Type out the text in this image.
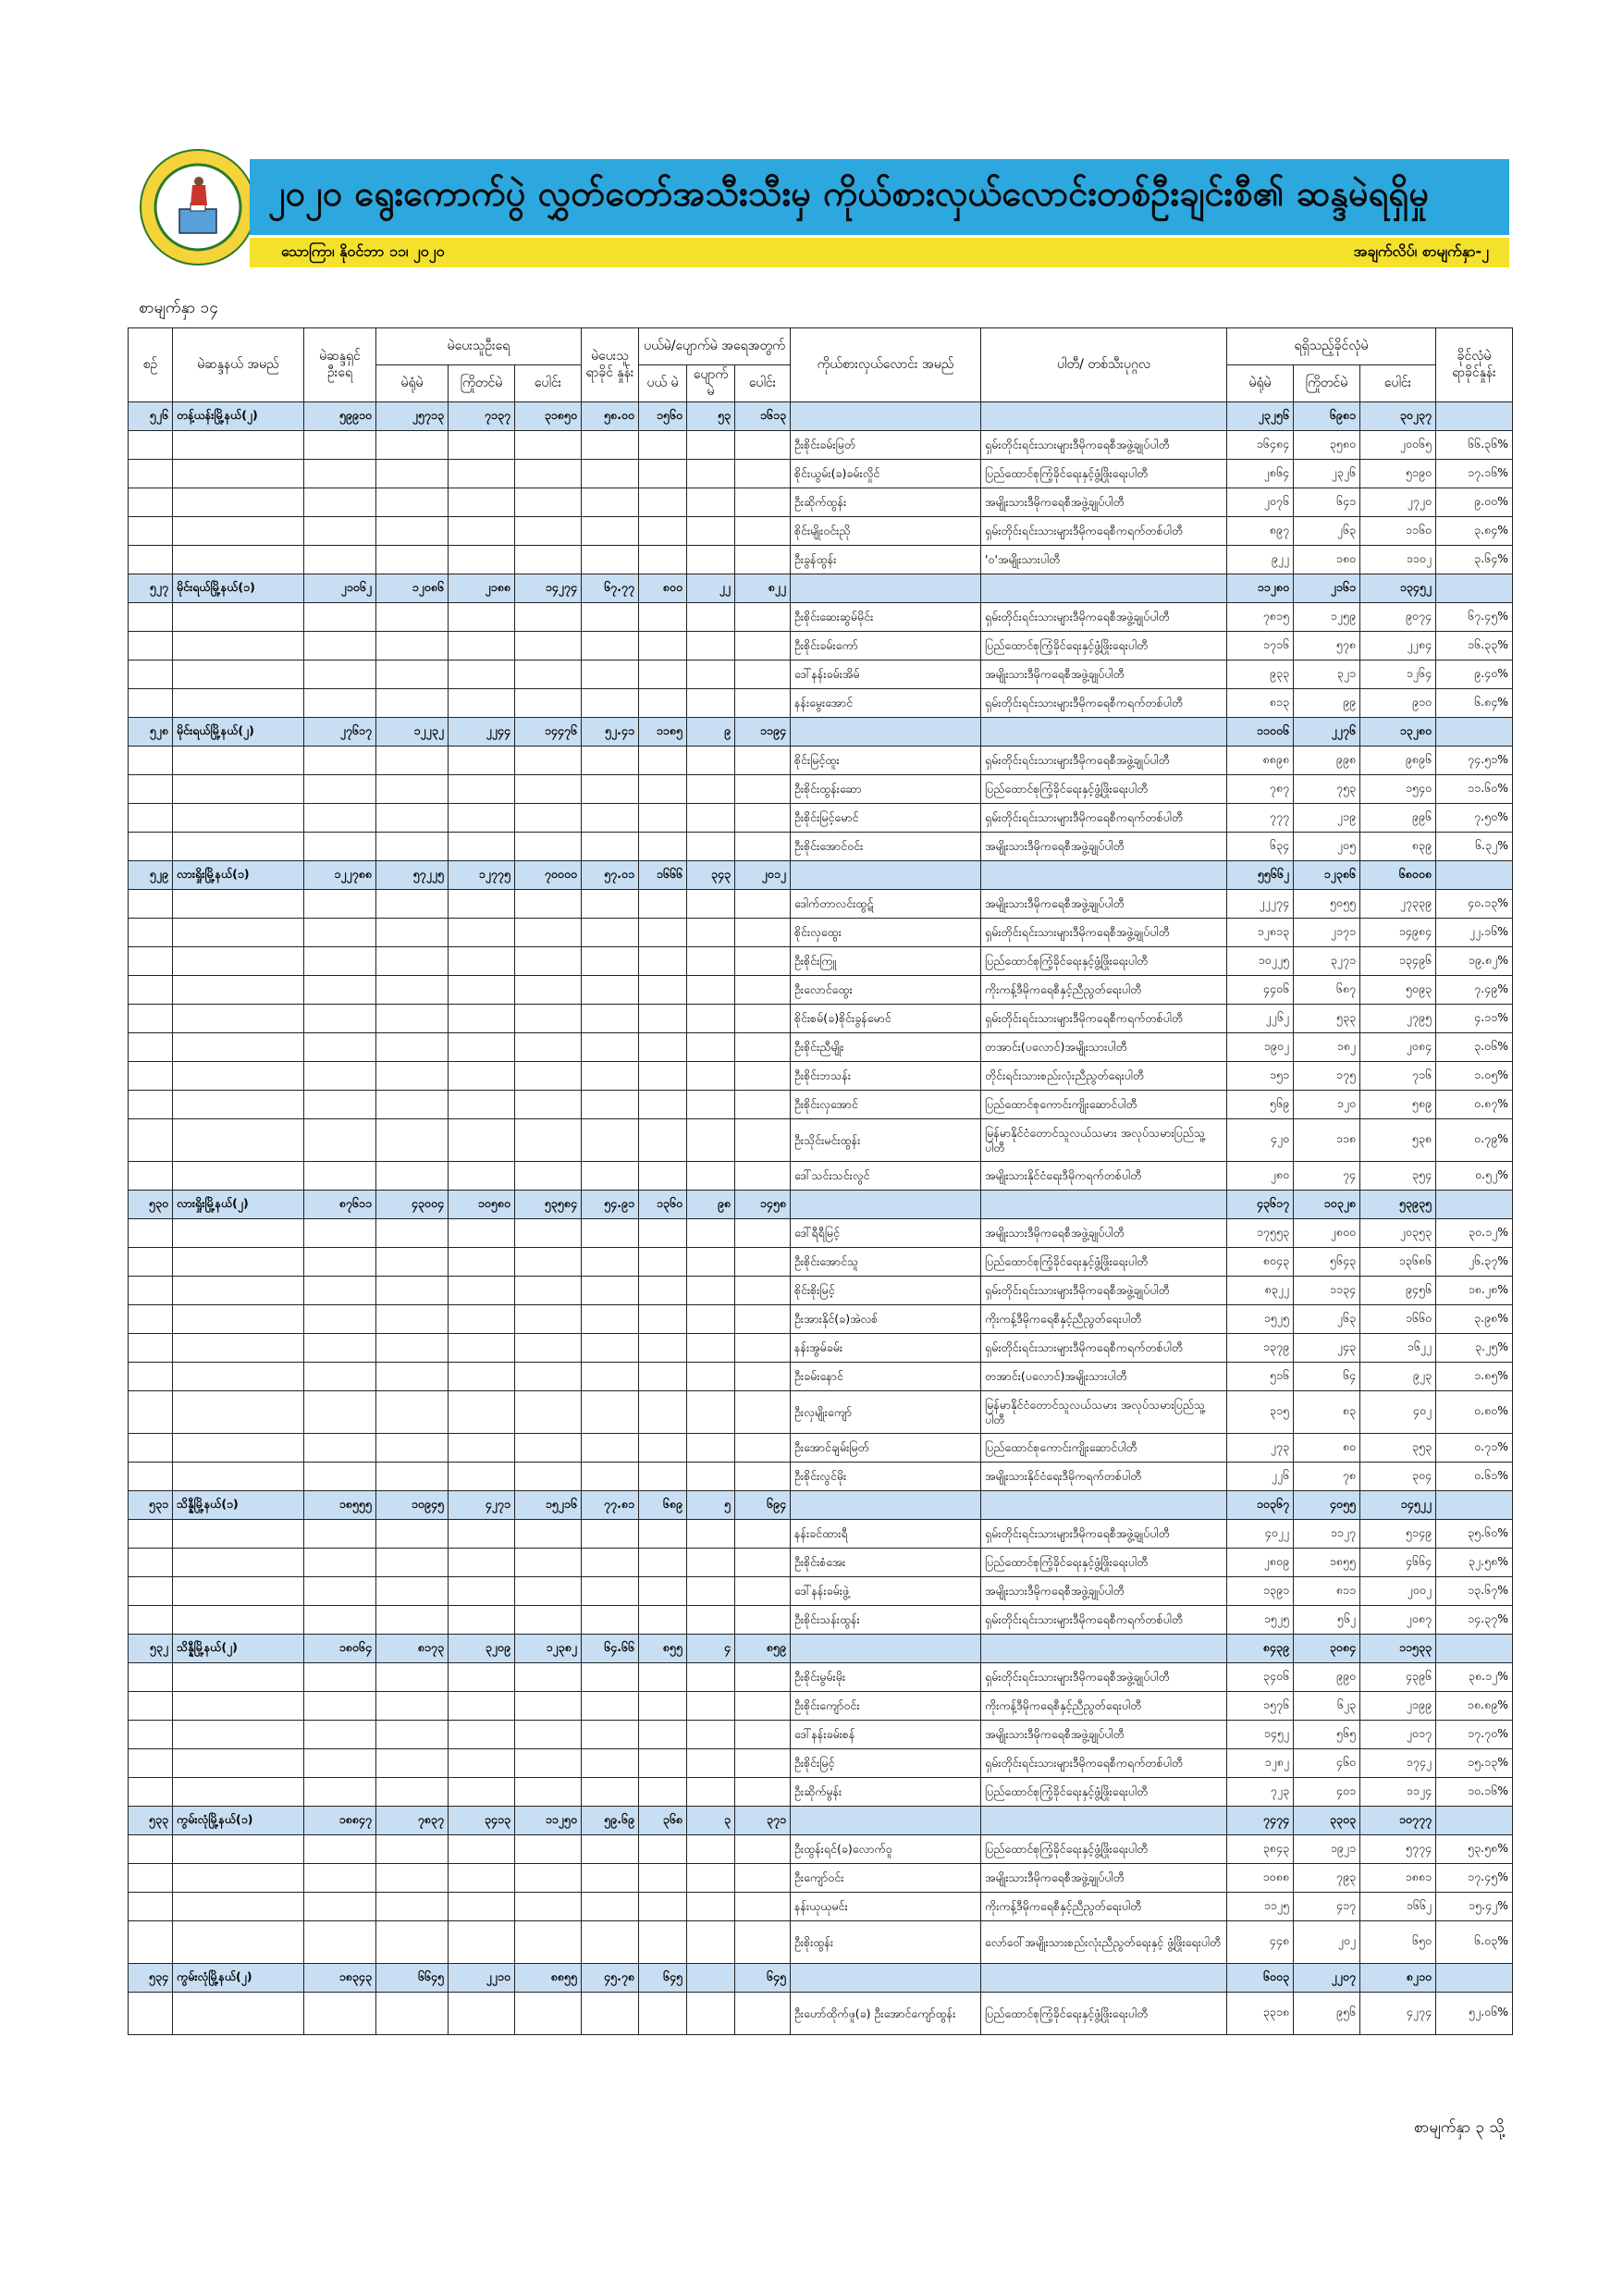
၂၀၂၀ ရွေးကောက်ပွဲ လွှတ်တော်အသီးသီးမှ ကိုယ်စားလှယ်လောင်းတစ်ဦးချင်းစီ၏ ဆန္ဒမဲရရှိမှု
သောကြာ၊ နိုဝင်ဘာ ၁၁၊ ၂၀၂၀	အချက်လိပ်၊ စာမျက်နှာ-၂
စာမျက်နှာ ၁၄
စဉ်	မဲဆန္ဒနယ် အမည်	မဲဆန္ဒရှင် ဦးရေ	မဲပေးသူဦးရေ			မဲပေးသူ ရာခိုင် နှုန်း	ပယ်မဲ/ပျောက်မဲ အရေအတွက်			ကိုယ်စားလှယ်လောင်း အမည်	ပါတီ/ တစ်သီးပုဂ္ဂလ	ရရှိသည့်ခိုင်လုံမဲ			ခိုင်လုံမဲ ရာခိုင်နှုန်း
			မဲရုံမဲ	ကြိုတင်မဲ	ပေါင်း		ပယ် မဲ	ပျောက် မဲ	ပေါင်း			မဲရုံမဲ	ကြိုတင်မဲ	ပေါင်း	
၅၂၆	တန့်ယန်းမြို့နယ်(၂)	၅၉၉၁၀	၂၅၇၁၃	၇၁၃၇	၃၁၈၅၀	၅၈.၀၀	၁၅၆၀	၅၃	၁၆၁၃			၂၃၂၅၆	၆၉၈၁	၃၀၂၃၇	
										ဦးစိုင်းခမ်းမြတ်	ရှမ်းတိုင်းရင်းသားများဒီမိုကရေစီအဖွဲ့ချုပ်ပါတီ	၁၆၄၈၄	၃၅၈၀	၂၀၀၆၅	၆၆.၃၆%
										စိုင်းယွမ်း(ခ)ခမ်းလှိုင်	ပြည်ထောင်စုကြံ့ခိုင်ရေးနှင့်ဖွံ့ဖြိုးရေးပါတီ	၂၈၆၄	၂၃၂၆	၅၁၉၀	၁၇.၁၆%
										ဦးဆိုက်ထွန်း	အမျိုးသားဒီမိုကရေစီအဖွဲ့ချုပ်ပါတီ	၂၀၇၆	၆၄၁	၂၇၂၀	၉.၀၀%
										စိုင်းမျိုးဝင်းညို	ရှမ်းတိုင်းရင်းသားများဒီမိုကရေစီကရက်တစ်ပါတီ	၈၉၇	၂၆၃	၁၁၆၀	၃.၈၄%
										ဦးခွန်ထွန်း	'ဝ'အမျိုးသားပါတီ	၉၂၂	၁၈၀	၁၁၀၂	၃.၆၄%
၅၂၇	မိုင်းရယ်မြို့နယ်(၁)	၂၁၀၆၂	၁၂၀၈၆	၂၁၈၈	၁၄၂၇၄	၆၇.၇၇	၈၀၀	၂၂	၈၂၂			၁၁၂၈၀	၂၁၆၁	၁၃၄၅၂	
										ဦးစိုင်းဆေးဆွမ်မိုင်း	ရှမ်းတိုင်းရင်းသားများဒီမိုကရေစီအဖွဲ့ချုပ်ပါတီ	၇၈၁၅	၁၂၅၉	၉၀၇၄	၆၇.၄၅%
										ဦးစိုင်းခမ်းကော်	ပြည်ထောင်စုကြံ့ခိုင်ရေးနှင့်ဖွံ့ဖြိုးရေးပါတီ	၁၇၁၆	၅၇၈	၂၂၈၄	၁၆.၃၃%
										ဒေါ်နန်းခမ်းအိမ်	အမျိုးသားဒီမိုကရေစီအဖွဲ့ချုပ်ပါတီ	၉၃၃	၃၂၁	၁၂၆၄	၉.၄၀%
										နန်းမွေးအောင်	ရှမ်းတိုင်းရင်းသားများဒီမိုကရေစီကရက်တစ်ပါတီ	၈၁၃	၉၉	၉၁၀	၆.၈၄%
၅၂၈	မိုင်းရယ်မြို့နယ်(၂)	၂၇၆၁၇	၁၂၂၃၂	၂၂၄၄	၁၄၄၇၆	၅၂.၄၁	၁၁၈၅	၉	၁၁၉၄			၁၁၀၀၆	၂၂၇၆	၁၃၂၈၀	
										စိုင်းမြင့်ထူး	ရှမ်းတိုင်းရင်းသားများဒီမိုကရေစီအဖွဲ့ချုပ်ပါတီ	၈၈၉၈	၉၉၈	၉၈၉၆	၇၄.၅၁%
										ဦးစိုင်းထွန်းဆော	ပြည်ထောင်စုကြံ့ခိုင်ရေးနှင့်ဖွံ့ဖြိုးရေးပါတီ	၇၈၇	၇၅၃	၁၅၄၀	၁၁.၆၀%
										ဦးစိုင်းမြင့်မောင်	ရှမ်းတိုင်းရင်းသားများဒီမိုကရေစီကရက်တစ်ပါတီ	၇၇၇	၂၁၉	၉၉၆	၇.၅၀%
										ဦးစိုင်းအောင်ဝင်း	အမျိုးသားဒီမိုကရေစီအဖွဲ့ချုပ်ပါတီ	၆၃၄	၂၀၅	၈၃၉	၆.၃၂%
၅၂၉	လားရှိုးမြို့နယ်(၁)	၁၂၂၇၈၈	၅၇၂၂၅	၁၂၇၇၅	၇၀၀၀၀	၅၇.၀၁	၁၆၆၆	၃၄၃	၂၀၁၂			၅၅၆၆၂	၁၂၃၈၆	၆၈၀၀၈	
										ဒေါက်တာလင်းထွဋ်	အမျိုးသားဒီမိုကရေစီအဖွဲ့ချုပ်ပါတီ	၂၂၂၇၄	၅၀၅၅	၂၇၃၃၉	၄၀.၁၃%
										စိုင်းလှထွေး	ရှမ်းတိုင်းရင်းသားများဒီမိုကရေစီအဖွဲ့ချုပ်ပါတီ	၁၂၈၁၃	၂၁၇၁	၁၄၉၈၄	၂၂.၁၆%
										ဦးစိုင်းကြူ	ပြည်ထောင်စုကြံ့ခိုင်ရေးနှင့်ဖွံ့ဖြိုးရေးပါတီ	၁၀၂၂၅	၃၂၇၁	၁၃၄၉၆	၁၉.၈၂%
										ဦးလောင်ထွေး	ကိုးကန့်ဒီမိုကရေစီနှင့်ညီညွတ်ရေးပါတီ	၄၄၀၆	၆၈၇	၅၀၉၃	၇.၄၉%
										စိုင်းစမ်(ခ)စိုင်းခွန်မောင်	ရှမ်းတိုင်းရင်းသားများဒီမိုကရေစီကရက်တစ်ပါတီ	၂၂၆၂	၅၃၃	၂၇၉၅	၄.၁၁%
										ဦးစိုင်းညီမျိုး	တအာင်း(ပလောင်)အမျိုးသားပါတီ	၁၉၀၂	၁၈၂	၂၀၈၄	၃.၀၆%
										ဦးစိုင်းဘသန်း	တိုင်းရင်းသားစည်းလုံးညီညွတ်ရေးပါတီ	၁၅၁	၁၇၅	၇၁၆	၁.၀၅%
										ဦးစိုင်းလှအောင်	ပြည်ထောင်စုကောင်းကျိုးဆောင်ပါတီ	၅၆၉	၁၂၀	၅၈၉	၀.၈၇%
										ဦးသိုင်းမင်းထွန်း	မြန်မာနိုင်ငံတောင်သူလယ်သမား အလုပ်သမားပြည်သူ့ပါတီ	၄၂၀	၁၁၈	၅၃၈	၀.၇၉%
										ဒေါ်သင်းသင်းလွင်	အမျိုးသားနိုင်ငံရေးဒီမိုကရက်တစ်ပါတီ	၂၈၀	၇၄	၃၅၄	၀.၅၂%
၅၃၀	လားရှိုးမြို့နယ်(၂)	၈၇၆၁၁	၄၃၀၀၄	၁၀၅၈၀	၅၃၅၈၄	၅၄.၉၁	၁၃၆၀	၉၈	၁၄၅၈			၄၃၆၁၇	၁၀၃၂၈	၅၃၉၃၅	
										ဒေါ်ရီရီမြင့်	အမျိုးသားဒီမိုကရေစီအဖွဲ့ချုပ်ပါတီ	၁၇၅၅၃	၂၈၀၀	၂၀၃၅၃	၃၀.၁၂%
										ဦးစိုင်းအောင်သူ	ပြည်ထောင်စုကြံ့ခိုင်ရေးနှင့်ဖွံ့ဖြိုးရေးပါတီ	၈၀၄၃	၅၆၄၃	၁၃၆၈၆	၂၆.၃၇%
										စိုင်းစိုးမြင့်	ရှမ်းတိုင်းရင်းသားများဒီမိုကရေစီအဖွဲ့ချုပ်ပါတီ	၈၃၂၂	၁၁၃၄	၉၄၅၆	၁၈.၂၈%
										ဦးအားနိုင်(ခ)အဲလစ်	ကိုးကန့်ဒီမိုကရေစီနှင့်ညီညွတ်ရေးပါတီ	၁၅၂၅	၂၆၃	၁၆၆၀	၃.၉၈%
										နန်းအွမ်ခမ်း	ရှမ်းတိုင်းရင်းသားများဒီမိုကရေစီကရက်တစ်ပါတီ	၁၃၇၉	၂၄၃	၁၆၂၂	၃.၂၅%
										ဦးခမ်းနောင်	တအာင်း(ပလောင်)အမျိုးသားပါတီ	၅၁၆	၆၄	၉၂၃	၁.၈၅%
										ဦးလှမျိုးကျော်	မြန်မာနိုင်ငံတောင်သူလယ်သမား အလုပ်သမားပြည်သူ့ပါတီ	၃၁၅	၈၃	၄၀၂	၀.၈၀%
										ဦးအောင်ချမ်းမြတ်	ပြည်ထောင်စုကောင်းကျိုးဆောင်ပါတီ	၂၇၃	၈၀	၃၅၃	၀.၇၁%
										ဦးစိုင်းလွင်မိုး	အမျိုးသားနိုင်ငံရေးဒီမိုကရက်တစ်ပါတီ	၂၂၆	၇၈	၃၀၄	၀.၆၁%
၅၃၁	သိန္နီမြို့နယ်(၁)	၁၈၅၅၅	၁၀၉၄၅	၄၂၇၁	၁၅၂၁၆	၇၇.၈၁	၆၈၉	၅	၆၉၄			၁၀၃၆၇	၄၀၅၅	၁၄၅၂၂	
										နန်းခင်ထားရီ	ရှမ်းတိုင်းရင်းသားများဒီမိုကရေစီအဖွဲ့ချုပ်ပါတီ	၄၀၂၂	၁၁၂၇	၅၁၄၉	၃၅.၆၀%
										ဦးစိုင်းစံအေး	ပြည်ထောင်စုကြံ့ခိုင်ရေးနှင့်ဖွံ့ဖြိုးရေးပါတီ	၂၈၀၉	၁၈၅၅	၄၆၆၄	၃၂.၅၈%
										ဒေါ်နန်းခမ်းဖွဲ့	အမျိုးသားဒီမိုကရေစီအဖွဲ့ချုပ်ပါတီ	၁၃၉၁	၈၁၁	၂၀၀၂	၁၃.၆၇%
										ဦးစိုင်းသန်းထွန်း	ရှမ်းတိုင်းရင်းသားများဒီမိုကရေစီကရက်တစ်ပါတီ	၁၅၂၅	၅၆၂	၂၀၈၇	၁၄.၃၇%
၅၃၂	သိန္နီမြို့နယ်(၂)	၁၈၀၆၄	၈၁၇၃	၃၂၀၉	၁၂၃၈၂	၆၄.၆၆	၈၅၅	၄	၈၅၉			၈၄၃၉	၃၀၈၄	၁၁၅၃၃	
										ဦးစိုင်းမွမ်းမိုး	ရှမ်းတိုင်းရင်းသားများဒီမိုကရေစီအဖွဲ့ချုပ်ပါတီ	၃၄၀၆	၉၉၀	၄၃၉၆	၃၈.၁၂%
										ဦးစိုင်းကျော်ဝင်း	ကိုးကန့်ဒီမိုကရေစီနှင့်ညီညွတ်ရေးပါတီ	၁၅၇၆	၆၂၃	၂၁၉၉	၁၈.၈၉%
										ဒေါ်နန်းခမ်းစန်	အမျိုးသားဒီမိုကရေစီအဖွဲ့ချုပ်ပါတီ	၁၄၅၂	၅၆၅	၂၀၁၇	၁၇.၇၀%
										ဦးစိုင်းမြင့်	ရှမ်းတိုင်းရင်းသားများဒီမိုကရေစီကရက်တစ်ပါတီ	၁၂၈၂	၄၆၀	၁၇၄၂	၁၅.၁၃%
										ဦးဆိုက်မွန်း	ပြည်ထောင်စုကြံ့ခိုင်ရေးနှင့်ဖွံ့ဖြိုးရေးပါတီ	၇၂၃	၄၀၁	၁၁၂၄	၁၀.၁၆%
၅၃၃	ကွမ်းလုံမြို့နယ်(၁)	၁၈၈၄၇	၇၈၃၇	၃၄၁၃	၁၁၂၅၀	၅၉.၆၉	၃၆၈	၃	၃၇၁			၇၄၇၄	၃၃၀၃	၁၀၇၇၇	
										ဦးထွန်းရင်(ခ)လောက်ဝူ	ပြည်ထောင်စုကြံ့ခိုင်ရေးနှင့်ဖွံ့ဖြိုးရေးပါတီ	၃၈၄၃	၁၉၂၁	၅၇၇၄	၅၃.၅၈%
										ဦးကျော်ဝင်း	အမျိုးသားဒီမိုကရေစီအဖွဲ့ချုပ်ပါတီ	၁၀၈၈	၇၉၃	၁၈၈၁	၁၇.၄၅%
										နန်းယုယုမင်း	ကိုးကန့်ဒီမိုကရေစီနှင့်ညီညွတ်ရေးပါတီ	၁၁၂၅	၄၁၇	၁၆၆၂	၁၅.၄၂%
										ဦးစိုးထွန်း	လော်ဝေါ်အမျိုးသားစည်းလုံးညီညွတ်ရေးနှင့် ဖွံ့ဖြိုးရေးပါတီ	၄၄၈	၂၀၂	၆၅၀	၆.၀၃%
၅၃၄	ကွမ်းလုံမြို့နယ်(၂)	၁၈၃၄၃	၆၆၄၅	၂၂၁၀	၈၈၅၅	၄၅.၇၈	၆၄၅		၆၄၅			၆၀၀၃	၂၂၀၇	၈၂၁၀	
										ဦးဟော်ထိုက်ဖူ(ခ) ဦးအောင်ကျော်ထွန်း	ပြည်ထောင်စုကြံ့ခိုင်ရေးနှင့်ဖွံ့ဖြိုးရေးပါတီ	၃၃၁၈	၉၅၆	၄၂၇၄	၅၂.၀၆%
စာမျက်နှာ ၃ သို့
